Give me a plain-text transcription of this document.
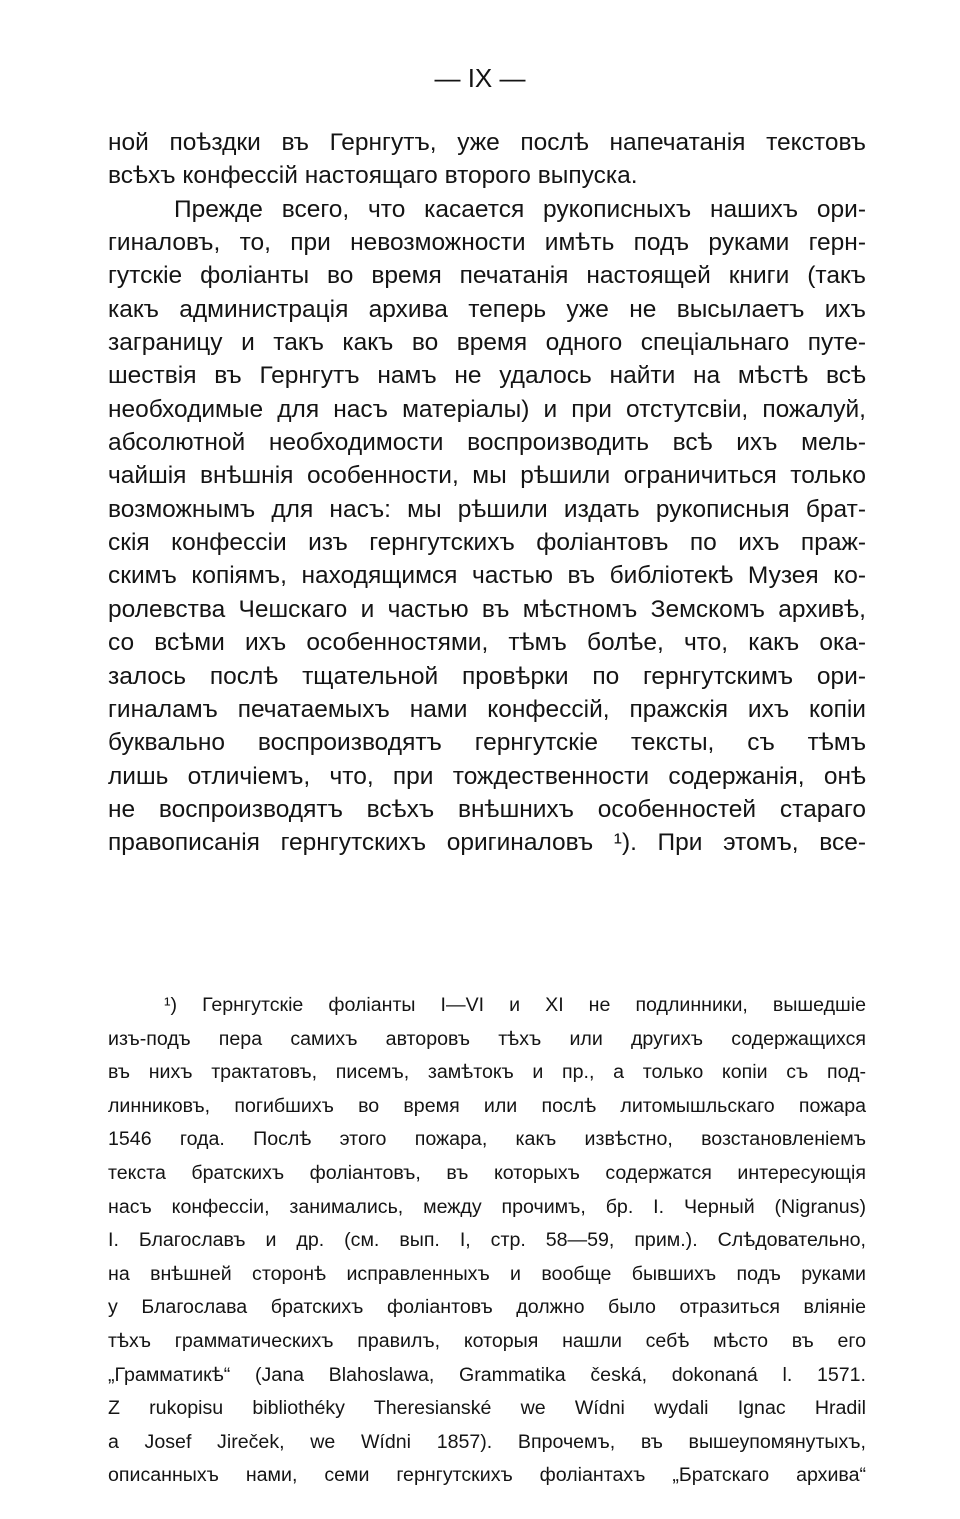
— IX —
ной поѣздки въ Гернгутъ, уже послѣ напечатанія текстовъ
всѣхъ конфессій настоящаго второго выпуска.
Прежде всего, что касается рукописныхъ нашихъ ори-
гиналовъ, то, при невозможности имѣть подъ руками герн-
гутскіе фоліанты во время печатанія настоящей книги (такъ
какъ администрація архива теперь уже не высылаетъ ихъ
заграницу и такъ какъ во время одного спеціальнаго путе-
шествія въ Гернгутъ намъ не удалось найти на мѣстѣ всѣ
необходимые для насъ матеріалы) и при отстутсвіи, пожалуй,
абсолютной необходимости воспроизводить всѣ ихъ мель-
чайшія внѣшнія особенности, мы рѣшили ограничиться только
возможнымъ для насъ: мы рѣшили издать рукописныя брат-
скія конфессіи изъ гернгутскихъ фоліантовъ по ихъ праж-
скимъ копіямъ, находящимся частью въ библіотекѣ Музея ко-
ролевства Чешскаго и частью въ мѣстномъ Земскомъ архивѣ,
со всѣми ихъ особенностями, тѣмъ болѣе, что, какъ ока-
залось послѣ тщательной провѣрки по гернгутскимъ ори-
гиналамъ печатаемыхъ нами конфессій, пражскія ихъ копіи
буквально воспроизводятъ гернгутскіе тексты, съ тѣмъ
лишь отличіемъ, что, при тождественности содержанія, онѣ
не воспроизводятъ всѣхъ внѣшнихъ особенностей стараго
правописанія гернгутскихъ оригиналовъ ¹). При этомъ, все-
¹) Гернгутскіе фоліанты I—VI и XI не подлинники, вышедшіе
изъ-подъ пера самихъ авторовъ тѣхъ или другихъ содержащихся
въ нихъ трактатовъ, писемъ, замѣтокъ и пр., а только копіи съ под-
линниковъ, погибшихъ во время или послѣ литомышльскаго пожара
1546 года. Послѣ этого пожара, какъ извѣстно, возстановленіемъ
текста братскихъ фоліантовъ, въ которыхъ содержатся интересующія
насъ конфессіи, занимались, между прочимъ, бр. I. Черный (Nigranus)
I. Благославъ и др. (см. вып. I, стр. 58—59, прим.). Слѣдовательно,
на внѣшней сторонѣ исправленныхъ и вообще бывшихъ подъ руками
у Благослава братскихъ фоліантовъ должно было отразиться вліяніе
тѣхъ грамматическихъ правилъ, которыя нашли себѣ мѣсто въ его
„Грамматикѣ“ (Jana Blahoslawa, Grammatika česká, dokonaná l. 1571.
Z rukopisu bibliothéky Theresianské we Wídni wydali Ignac Hradil
a Josef Jireček, we Wídni 1857). Впрочемъ, въ вышеупомянутыхъ,
описанныхъ нами, семи гернгутскихъ фоліантахъ „Братскаго архива“
